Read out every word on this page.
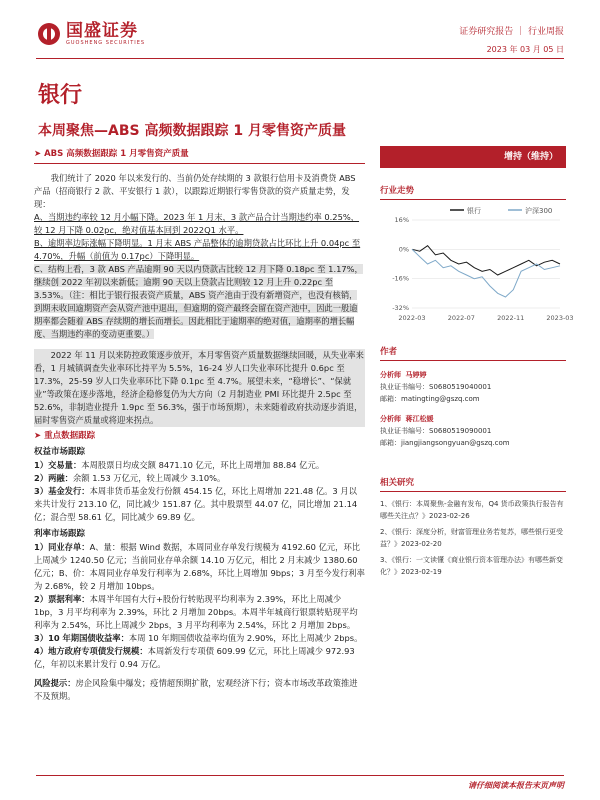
国盛证券
GUOSHENG SECURITIES
证券研究报告 ｜ 行业周报
2023 年 03 月 05 日
银行
本周聚焦—ABS 高频数据跟踪 1 月零售资产质量
➤ ABS 高频数据跟踪 1 月零售资产质量
我们统计了 2020 年以来发行的、当前仍处存续期的 3 款银行信用卡及消费贷 ABS 产品（招商银行 2 款、平安银行 1 款），以跟踪近期银行零售贷款的资产质量走势，发现：
A、当期违约率较 12 月小幅下降。2023 年 1 月末，3 款产品合计当期违约率 0.25%，较 12 月下降 0.02pc，绝对值基本回到 2022Q1 水平。
B、逾期率边际涨幅下降明显。1 月末 ABS 产品整体的逾期贷款占比环比上升 0.04pc 至 4.70%，升幅（前值为 0.17pc）下降明显。
C、结构上看，3 款 ABS 产品逾期 90 天以内贷款占比较 12 月下降 0.18pc 至 1.17%，继续创 2022 年初以来新低；逾期 90 天以上贷款占比则较 12 月上升 0.22pc 至 3.53%。（注：相比于银行报表资产质量，ABS 资产池由于没有新增资产，也没有核销，到期未收回逾期资产会从资产池中退出，但逾期的资产最终会留在资产池中，因此一般逾期率都会随着 ABS 存续期的增长而增长。因此相比于逾期率的绝对值，逾期率的增长幅度、当期违约率的变动更重要。）
2022 年 11 月以来防控政策逐步放开，本月零售资产质量数据继续回暖，从失业率来看，1 月城镇调查失业率环比持平为 5.5%，16-24 岁人口失业率环比提升 0.6pc 至 17.3%，25-59 岁人口失业率环比下降 0.1pc 至 4.7%。展望未来，“稳增长”、“保就业”等政策在逐步落地，经济企稳修复仍为大方向（2 月制造业 PMI 环比提升 2.5pc 至 52.6%，非制造业提升 1.9pc 至 56.3%，强于市场预期），未来随着政府扶动逐步消退，届时零售资产质量或将迎来拐点。
➤ 重点数据跟踪
权益市场跟踪
1）交易量：本周股票日均成交额 8471.10 亿元，环比上周增加 88.84 亿元。
2）两融：余额 1.53 万亿元，较上周减少 3.10%。
3）基金发行：本周非货币基金发行份额 454.15 亿，环比上周增加 221.48 亿。3 月以来共计发行 213.10 亿，同比减少 151.87 亿。其中股票型 44.07 亿，同比增加 21.14 亿；混合型 58.61 亿，同比减少 69.89 亿。
利率市场跟踪
1）同业存单：A、量：根据 Wind 数据，本周同业存单发行规模为 4192.60 亿元，环比上周减少 1240.50 亿元；当前同业存单余额 14.10 万亿元，相比 2 月末减少 1380.60 亿元；B、价：本周同业存单发行利率为 2.68%，环比上周增加 9bps；3 月至今发行利率为 2.68%，较 2 月增加 10bps。
2）票据利率：本周半年国有大行+股份行转贴现平均利率为 2.39%，环比上周减少 1bp，3 月平均利率为 2.39%，环比 2 月增加 20bps。本周半年城商行银票转贴现平均利率为 2.54%，环比上周减少 2bps，3 月平均利率为 2.54%，环比 2 月增加 2bps。
3）10 年期国债收益率：本周 10 年期国债收益率均值为 2.90%，环比上周减少 2bps。
4）地方政府专项债发行规模：本周新发行专项债 609.99 亿元，环比上周减少 972.93 亿，年初以来累计发行 0.94 万亿。
风险提示：房企风险集中爆发；疫情超预期扩散，宏观经济下行；资本市场改革政策推进不及预期。
增持（维持）
行业走势
银行	沪深300
16%
0%
-16%
-32%
2022-03	2022-07	2022-11	2023-03
作者
分析师 马婷婷
执业证书编号：S0680519040001
邮箱：matingting@gszq.com
分析师 蒋江松媛
执业证书编号：S0680519090001
邮箱：jiangjiangsongyuan@gszq.com
相关研究
1、《银行：本周聚焦-金融有发布，Q4 货币政策执行报告有哪些关注点？》2023-02-26
2、《银行：深度分析，财富管理业务若复苏，哪些银行更受益？》2023-02-20
3、《银行：一文读懂《商业银行资本管理办法》有哪些新变化？》2023-02-19
请仔细阅读本报告末页声明
